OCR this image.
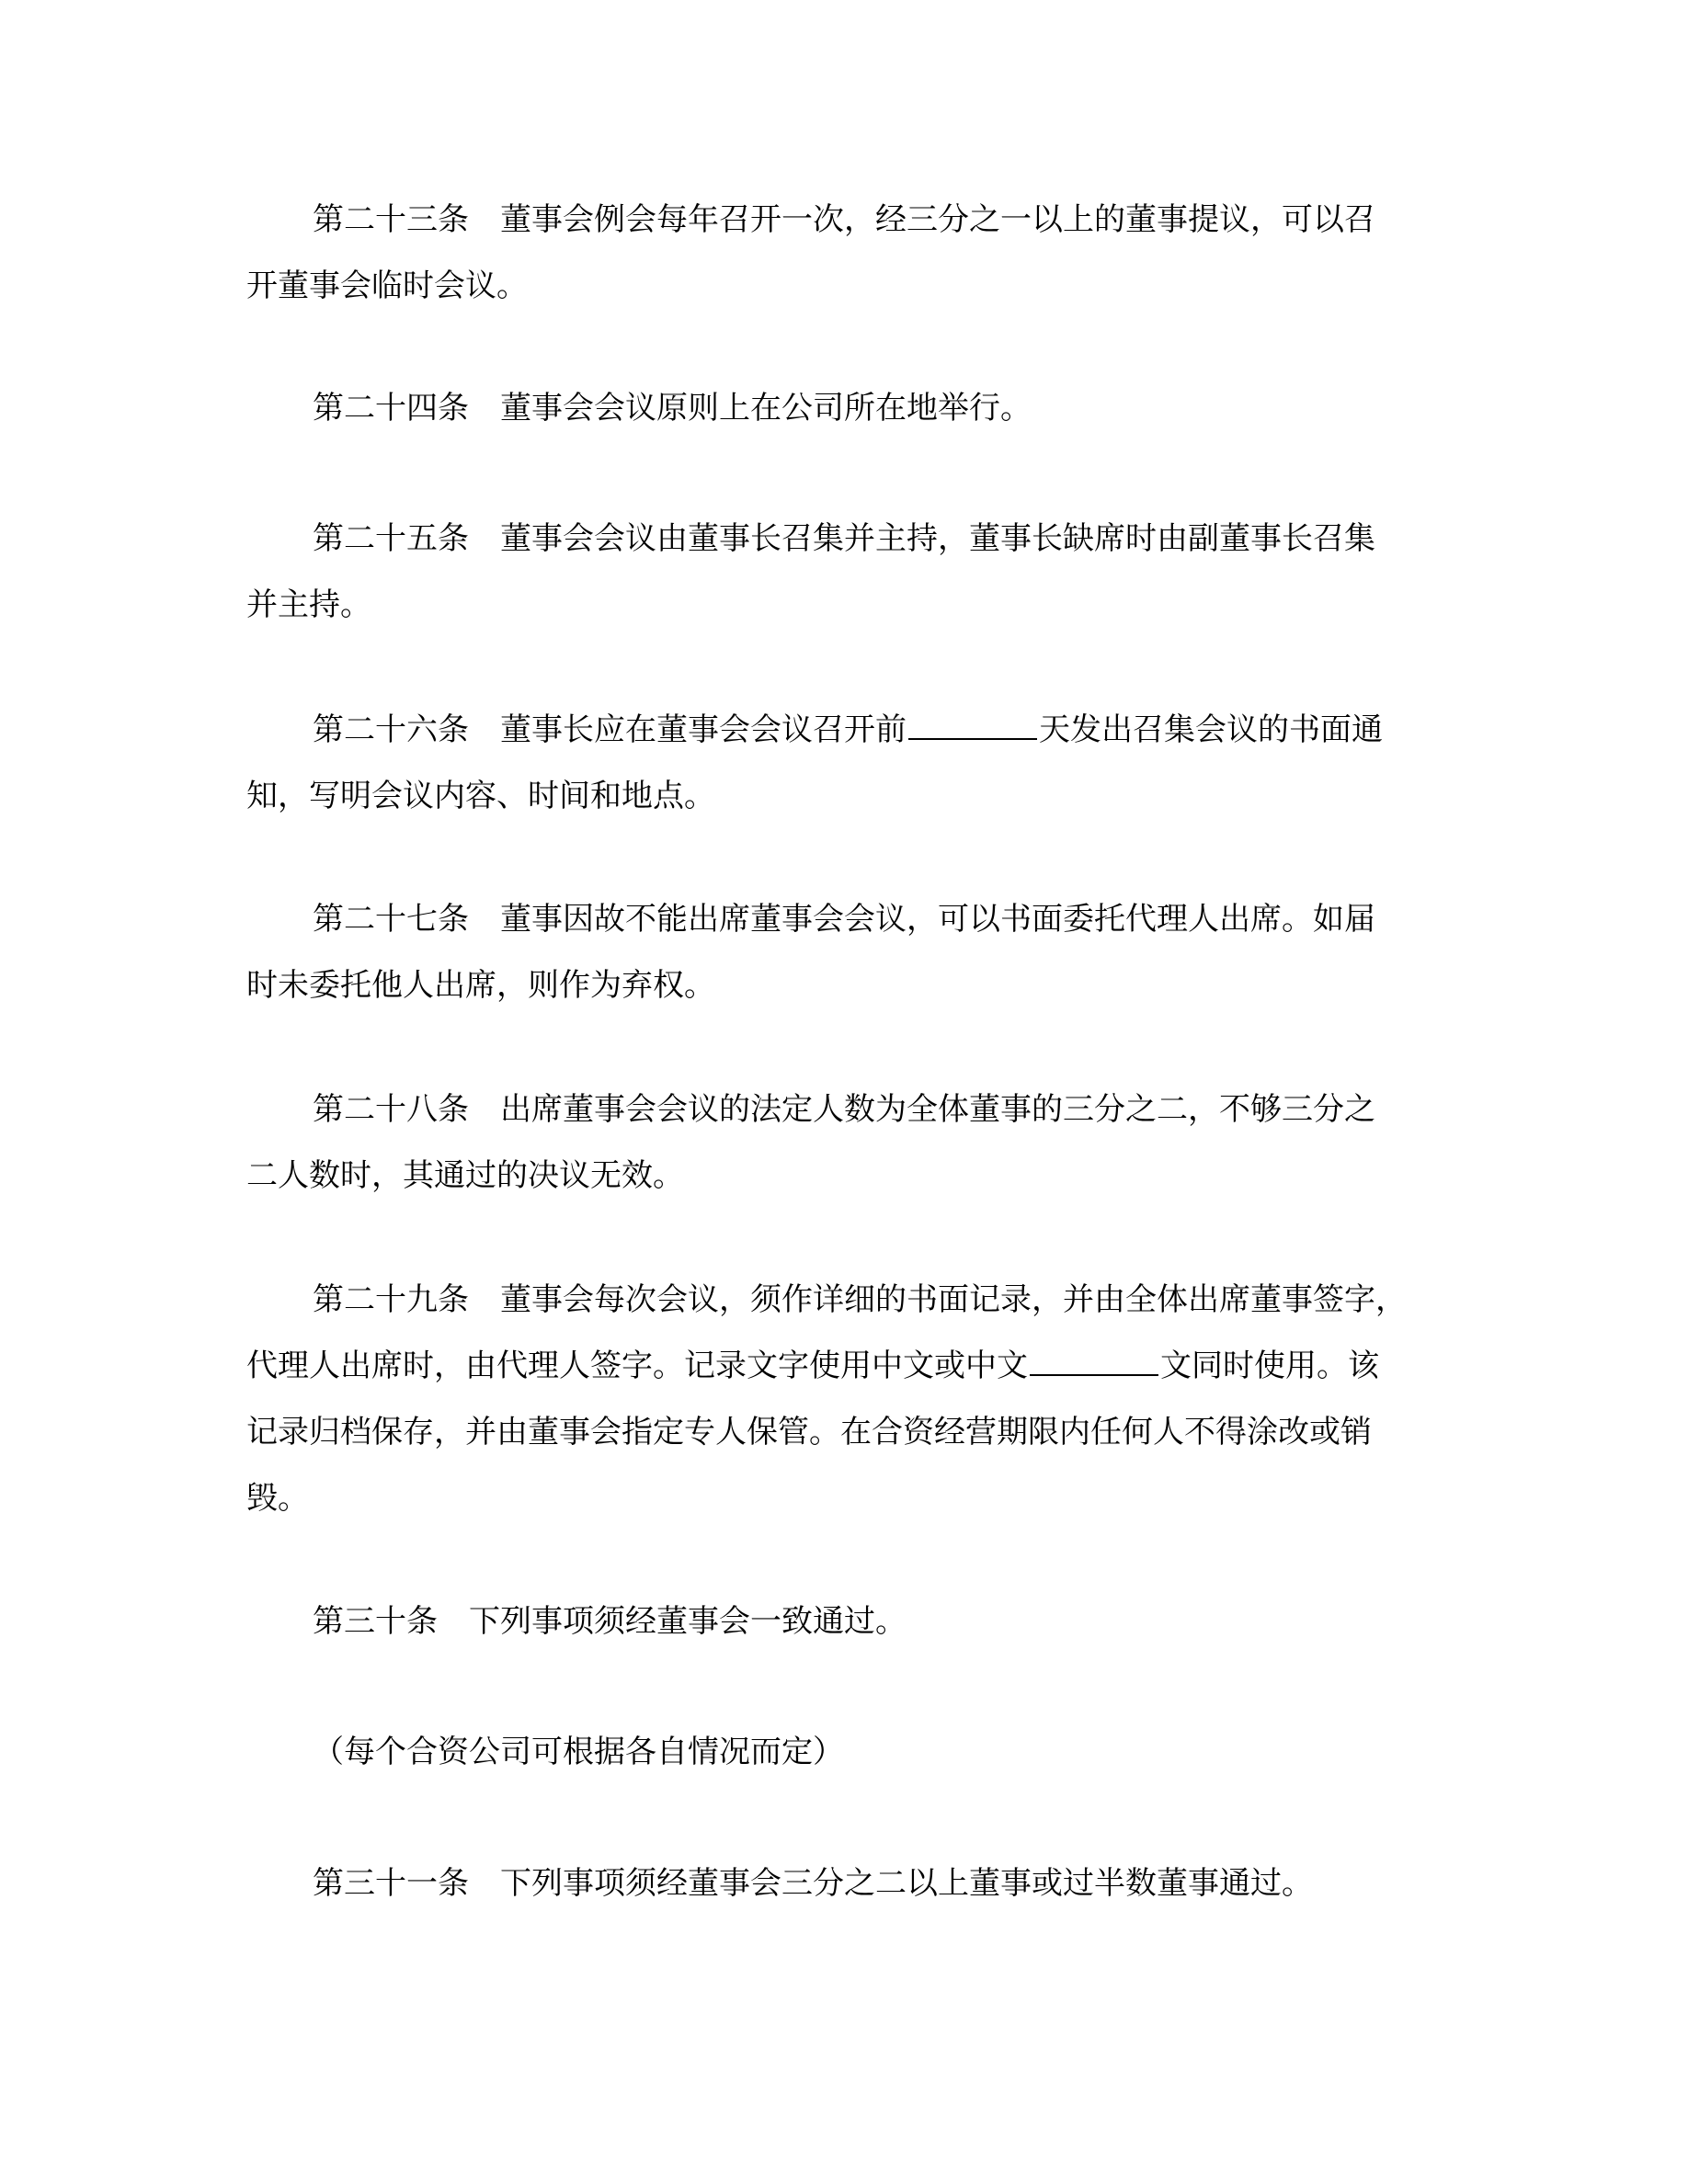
第二十三条 董事会例会每年召开一次，经三分之一以上的董事提议，可以召
开董事会临时会议。
第二十四条 董事会会议原则上在公司所在地举行。
第二十五条 董事会会议由董事长召集并主持，董事长缺席时由副董事长召集
并主持。
第二十六条 董事长应在董事会会议召开前	天发出召集会议的书面通
知，写明会议内容、时间和地点。
第二十七条 董事因故不能出席董事会会议，可以书面委托代理人出席。如届
时未委托他人出席，则作为弃权。
第二十八条 出席董事会会议的法定人数为全体董事的三分之二，不够三分之
二人数时，其通过的决议无效。
第二十九条 董事会每次会议，须作详细的书面记录，并由全体出席董事签字，
代理人出席时，由代理人签字。记录文字使用中文或中文	文同时使用。该
记录归档保存，并由董事会指定专人保管。在合资经营期限内任何人不得涂改或销
毁。
第三十条 下列事项须经董事会一致通过。
（每个合资公司可根据各自情况而定）
第三十一条 下列事项须经董事会三分之二以上董事或过半数董事通过。
